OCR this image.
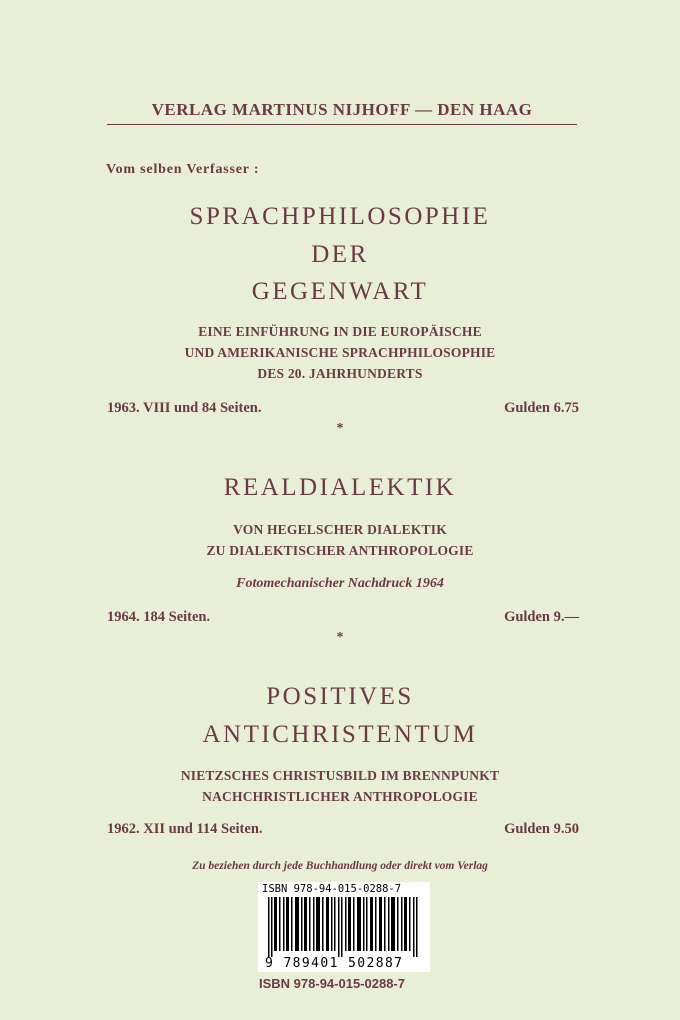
VERLAG MARTINUS NIJHOFF — DEN HAAG
Vom selben Verfasser :
SPRACHPHILOSOPHIE
DER
GEGENWART
EINE EINFÜHRUNG IN DIE EUROPÄISCHE
UND AMERIKANISCHE SPRACHPHILOSOPHIE
DES 20. JAHRHUNDERTS
1963. VIII und 84 Seiten.	Gulden 6.75
*
REALDIALEKTIK
VON HEGELSCHER DIALEKTIK
ZU DIALEKTISCHER ANTHROPOLOGIE
Fotomechanischer Nachdruck 1964
1964. 184 Seiten.	Gulden 9.—
*
POSITIVES
ANTICHRISTENTUM
NIETZSCHES CHRISTUSBILD IM BRENNPUNKT
NACHCHRISTLICHER ANTHROPOLOGIE
1962. XII und 114 Seiten.	Gulden 9.50
Zu beziehen durch jede Buchhandlung oder direkt vom Verlag
ISBN 978-94-015-0288-7
9 789401 502887
ISBN 978-94-015-0288-7
